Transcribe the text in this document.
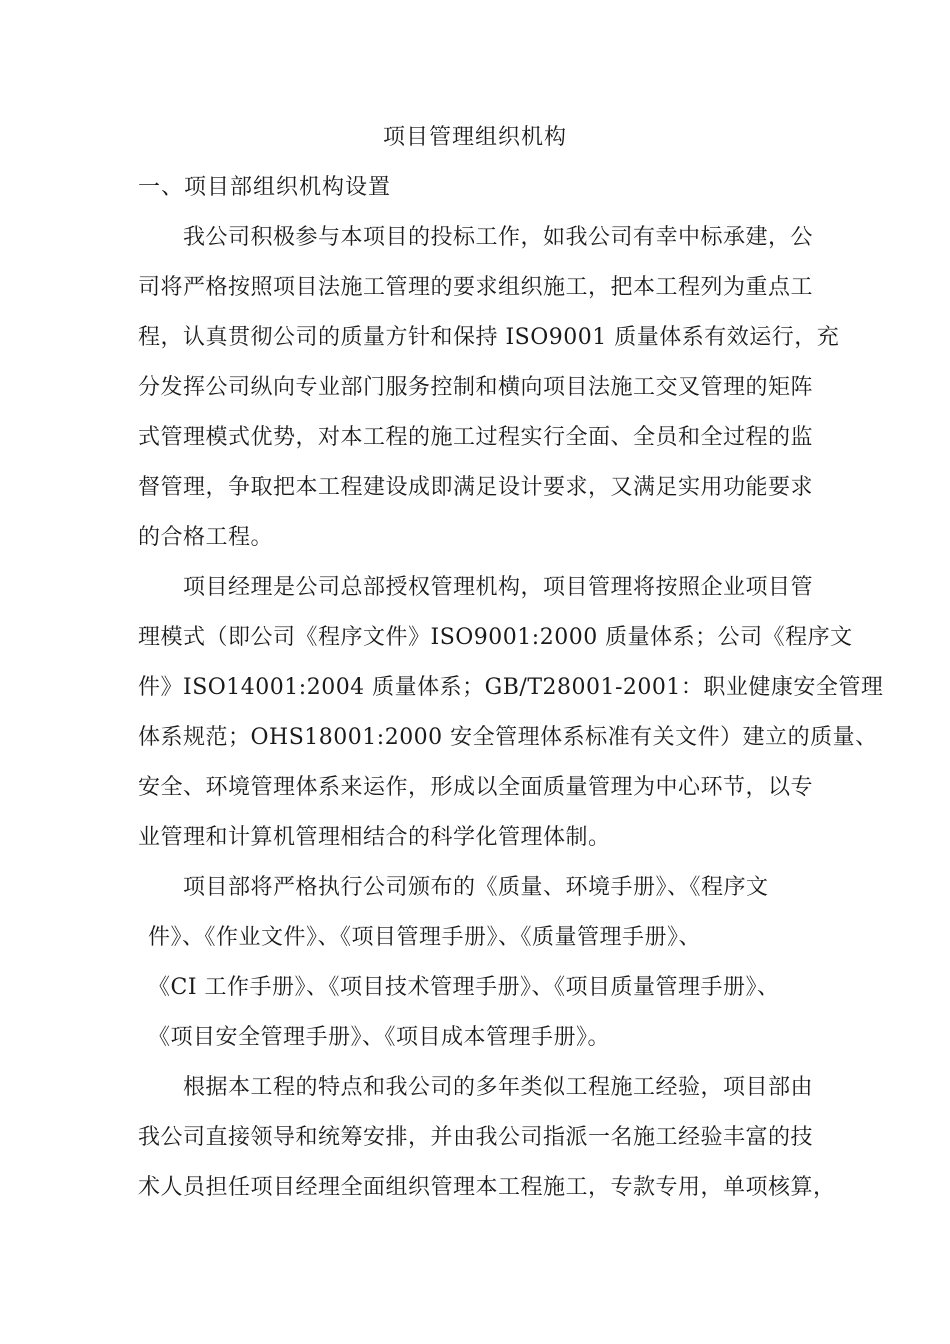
项目管理组织机构
一、项目部组织机构设置
我公司积极参与本项目的投标工作，如我公司有幸中标承建，公
司将严格按照项目法施工管理的要求组织施工，把本工程列为重点工
程，认真贯彻公司的质量方针和保持 ISO9001 质量体系有效运行，充
分发挥公司纵向专业部门服务控制和横向项目法施工交叉管理的矩阵
式管理模式优势，对本工程的施工过程实行全面、全员和全过程的监
督管理，争取把本工程建设成即满足设计要求，又满足实用功能要求
的合格工程。
项目经理是公司总部授权管理机构，项目管理将按照企业项目管
理模式（即公司《程序文件》ISO9001:2000 质量体系；公司《程序文
件》ISO14001:2004 质量体系；GB/T28001-2001：职业健康安全管理
体系规范；OHS18001:2000 安全管理体系标准有关文件）建立的质量、
安全、环境管理体系来运作，形成以全面质量管理为中心环节，以专
业管理和计算机管理相结合的科学化管理体制。
项目部将严格执行公司颁布的《质量、环境手册》、《程序文
件》、《作业文件》、《项目管理手册》、《质量管理手册》、
《CI 工作手册》、《项目技术管理手册》、《项目质量管理手册》、
《项目安全管理手册》、《项目成本管理手册》。
根据本工程的特点和我公司的多年类似工程施工经验，项目部由
我公司直接领导和统筹安排，并由我公司指派一名施工经验丰富的技
术人员担任项目经理全面组织管理本工程施工，专款专用，单项核算，
